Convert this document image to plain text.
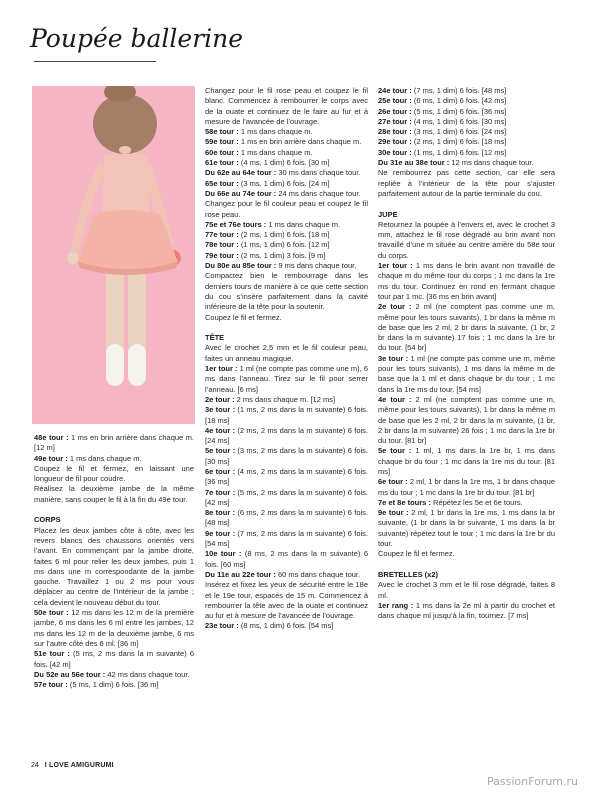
Poupée ballerine

48e tour : 1 ms en brin arrière dans chaque m. [12 m]

49e tour : 1 ms dans chaque m.

Coupez le fil et fermez, en laissant une longueur de fil pour coudre.

Réalisez la deuxième jambe de la même manière, sans couper le fil à la fin du 49e tour.

CORPS

Placez les deux jambes côte à côte, avec les revers blancs des chaussons orientés vers l’avant. En commençant par la jambe droite, faites 6 ml pour relier les deux jambes, puis 1 ms dans une m correspondante de la jambe gauche. Travaillez 1 ou 2 ms pour vous déplacer au centre de l’intérieur de la jambe ; cela devient le nouveau début du tour.

50e tour : 12 ms dans les 12 m de la première jambe, 6 ms dans les 6 ml entre les jambes, 12 ms dans les 12 m de la deuxième jambe, 6 ms sur l’autre côté des 6 ml. [36 m]

51e tour : (5 ms, 2 ms dans la m suivante) 6 fois. [42 m]

Du 52e au 56e tour : 42 ms dans chaque tour.

57e tour : (5 ms, 1 dim) 6 fois. [36 m]

Changez pour le fil rose peau et coupez le fil blanc. Commencez à rembourrer le corps avec de la ouate et continuez de le faire au fur et à mesure de l’avancée de l’ouvrage.

58e tour : 1 ms dans chaque m.

59e tour : 1 ms en brin arrière dans chaque m.

60e tour : 1 ms dans chaque m.

61e tour : (4 ms, 1 dim) 6 fois. [30 m]

Du 62e au 64e tour : 30 ms dans chaque tour.

65e tour : (3 ms, 1 dim) 6 fois. [24 m]

Du 66e au 74e tour : 24 ms dans chaque tour.

Changez pour le fil couleur peau et coupez le fil rose peau.

75e et 76e tours : 1 ms dans chaque m.

77e tour : (2 ms, 1 dim) 6 fois. [18 m]

78e tour : (1 ms, 1 dim) 6 fois. [12 m]

79e tour : (2 ms, 1 dim) 3 fois. [9 m]

Du 80e au 85e tour : 9 ms dans chaque tour.

Compactez bien le rembourrage dans les derniers tours de manière à ce que cette section du cou s’insère parfaitement dans la cavité inférieure de la tête pour la soutenir.

Coupez le fil et fermez.

TÊTE

Avec le crochet 2,5 mm et le fil couleur peau, faites un anneau magique.

1er tour : 1 ml (ne compte pas comme une m), 6 ms dans l’anneau. Tirez sur le fil pour serrer l’anneau. [6 ms]

2e tour : 2 ms dans chaque m. [12 ms]

3e tour : (1 ms, 2 ms dans la m suivante) 6 fois. [18 ms]

4e tour : (2 ms, 2 ms dans la m suivante) 6 fois. [24 ms]

5e tour : (3 ms, 2 ms dans la m suivante) 6 fois. [30 ms]

6e tour : (4 ms, 2 ms dans la m suivante) 6 fois. [36 ms]

7e tour : (5 ms, 2 ms dans la m suivante) 6 fois. [42 ms]

8e tour : (6 ms, 2 ms dans la m suivante) 6 fois. [48 ms]

9e tour : (7 ms, 2 ms dans la m suivante) 6 fois. [54 ms]

10e tour : (8 ms, 2 ms dans la m suivante) 6 fois. [60 ms]

Du 11e au 22e tour : 60 ms dans chaque tour.

Insérez et fixez les yeux de sécurité entre le 18e et le 19e tour, espacés de 15 m. Commencez à rembourrer la tête avec de la ouate et continuez au fur et à mesure de l’avancée de l’ouvrage.

23e tour : (8 ms, 1 dim) 6 fois. [54 ms]

24e tour : (7 ms, 1 dim) 6 fois. [48 ms]

25e tour : (6 ms, 1 dim) 6 fois. [42 ms]

26e tour : (5 ms, 1 dim) 6 fois. [36 ms]

27e tour : (4 ms, 1 dim) 6 fois. [30 ms]

28e tour : (3 ms, 1 dim) 6 fois. [24 ms]

29e tour : (2 ms, 1 dim) 6 fois. [18 ms]

30e tour : (1 ms, 1 dim) 6 fois. [12 ms]

Du 31e au 38e tour : 12 ms dans chaque tour.

Ne rembourrez pas cette section, car elle sera repliée à l’intérieur de la tête pour s’ajuster parfaitement autour de la partie terminale du cou.

JUPE

Retournez la poupée à l’envers et, avec le crochet 3 mm, attachez le fil rose dégradé au brin avant non travaillé d’une m située au centre arrière du 58e tour du corps.

1er tour : 1 ms dans le brin avant non travaillé de chaque m du même tour du corps ; 1 mc dans la 1re ms du tour. Continuez en rond en fermant chaque tour par 1 mc. [36 ms en brin avant]

2e tour : 2 ml (ne comptent pas comme une m, même pour les tours suivants), 1 br dans la même m de base que les 2 ml, 2 br dans la suivante, (1 br, 2 br dans la m suivante) 17 fois ; 1 mc dans la 1re br du tour. [54 br]

3e tour : 1 ml (ne compte pas comme une m, même pour les tours suivants), 1 ms dans la même m de base que la 1 ml et dans chaque br du tour ; 1 mc dans la 1re ms du tour. [54 ms]

4e tour : 2 ml (ne comptent pas comme une m, même pour les tours suivants), 1 br dans la même m de base que les 2 ml, 2 br dans la m suivante, (1 br, 2 br dans la m suivante) 26 fois ; 1 mc dans la 1re br du tour. [81 br]

5e tour : 1 ml, 1 ms dans la 1re br, 1 ms dans chaque br du tour ; 1 mc dans la 1re ms du tour. [81 ms]

6e tour : 2 ml, 1 br dans la 1re ms, 1 br dans chaque ms du tour ; 1 mc dans la 1re br du tour. [81 br]

7e et 8e tours : Répétez les 5e et 6e tours.

9e tour : 2 ml, 1 br dans la 1re ms, 1 ms dans la br suivante, (1 br dans la br suivante, 1 ms dans la br suivante) répétez tout le tour ; 1 mc dans la 1re br du tour.

Coupez le fil et fermez.

BRETELLES (x2)

Avec le crochet 3 mm et le fil rose dégradé, faites 8 ml.

1er rang : 1 ms dans la 2e ml à partir du crochet et dans chaque ml jusqu’à la fin, tournez. [7 ms]

24 I LOVE AMIGURUMI
PassionForum.ru
